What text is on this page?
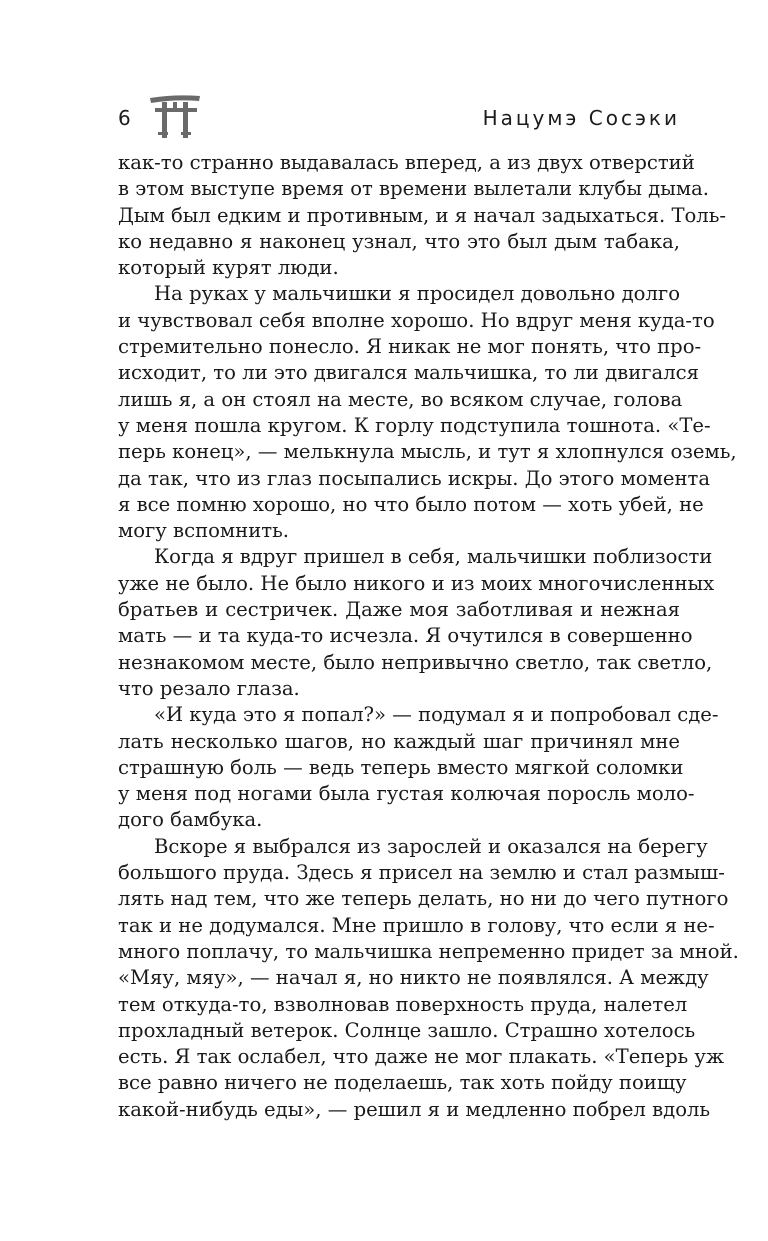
6	Нацумэ Сосэки
как-то странно выдавалась вперед, а из двух отверстий
в этом выступе время от времени вылетали клубы дыма.
Дым был едким и противным, и я начал задыхаться. Толь-
ко недавно я наконец узнал, что это был дым табака,
который курят люди.
На руках у мальчишки я просидел довольно долго
и чувствовал себя вполне хорошо. Но вдруг меня куда-то
стремительно понесло. Я никак не мог понять, что про-
исходит, то ли это двигался мальчишка, то ли двигался
лишь я, а он стоял на месте, во всяком случае, голова
у меня пошла кругом. К горлу подступила тошнота. «Те-
перь конец», — мелькнула мысль, и тут я хлопнулся оземь,
да так, что из глаз посыпались искры. До этого момента
я все помню хорошо, но что было потом — хоть убей, не
могу вспомнить.
Когда я вдруг пришел в себя, мальчишки поблизости
уже не было. Не было никого и из моих многочисленных
братьев и сестричек. Даже моя заботливая и нежная
мать — и та куда-то исчезла. Я очутился в совершенно
незнакомом месте, было непривычно светло, так светло,
что резало глаза.
«И куда это я попал?» — подумал я и попробовал сде-
лать несколько шагов, но каждый шаг причинял мне
страшную боль — ведь теперь вместо мягкой соломки
у меня под ногами была густая колючая поросль моло-
дого бамбука.
Вскоре я выбрался из зарослей и оказался на берегу
большого пруда. Здесь я присел на землю и стал размыш-
лять над тем, что же теперь делать, но ни до чего путного
так и не додумался. Мне пришло в голову, что если я не-
много поплачу, то мальчишка непременно придет за мной.
«Мяу, мяу», — начал я, но никто не появлялся. А между
тем откуда-то, взволновав поверхность пруда, налетел
прохладный ветерок. Солнце зашло. Страшно хотелось
есть. Я так ослабел, что даже не мог плакать. «Теперь уж
все равно ничего не поделаешь, так хоть пойду поищу
какой-нибудь еды», — решил я и медленно побрел вдоль
